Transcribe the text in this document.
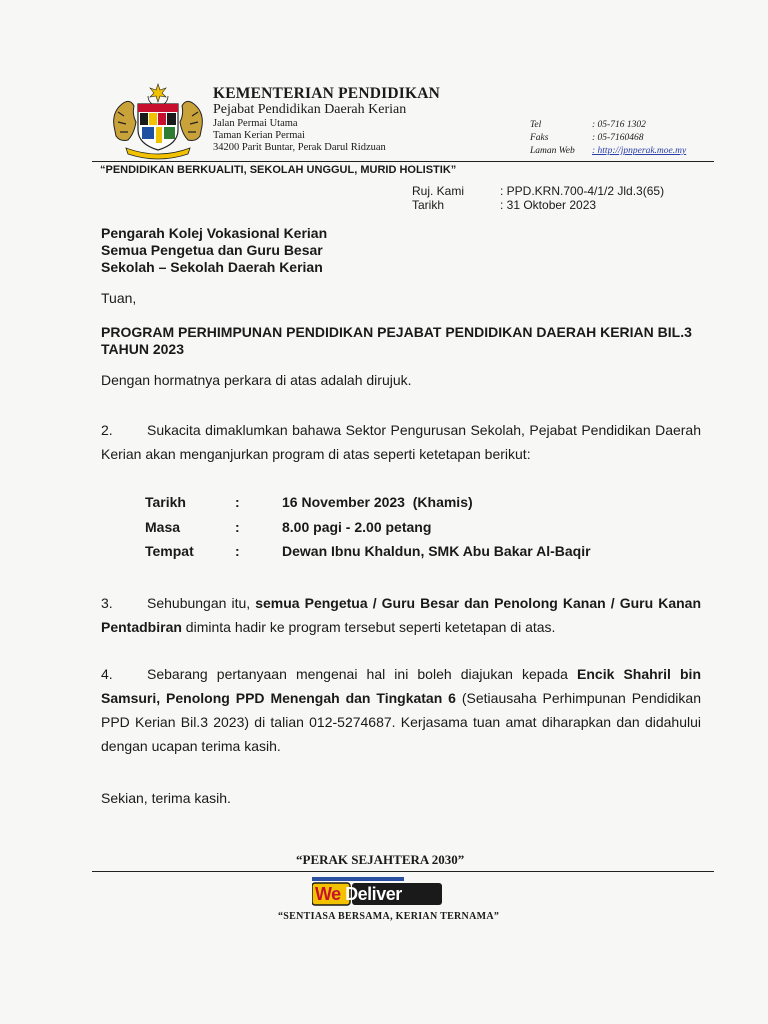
KEMENTERIAN PENDIDIKAN
Pejabat Pendidikan Daerah Kerian
Jalan Permai Utama
Taman Kerian Permai
34200 Parit Buntar, Perak Darul Ridzuan
Tel	: 05-716 1302
Faks	: 05-7160468
Laman Web : http://jpnperak.moe.my
“PENDIDIKAN BERKUALITI, SEKOLAH UNGGUL, MURID HOLISTIK”
Ruj. Kami	: PPD.KRN.700-4/1/2 Jld.3(65)
Tarikh	: 31 Oktober 2023
Pengarah Kolej Vokasional Kerian
Semua Pengetua dan Guru Besar
Sekolah – Sekolah Daerah Kerian
Tuan,
PROGRAM PERHIMPUNAN PENDIDIKAN PEJABAT PENDIDIKAN DAERAH KERIAN BIL.3 TAHUN 2023
Dengan hormatnya perkara di atas adalah dirujuk.
2. Sukacita dimaklumkan bahawa Sektor Pengurusan Sekolah, Pejabat Pendidikan Daerah Kerian akan menganjurkan program di atas seperti ketetapan berikut:
Tarikh	:	16 November 2023  (Khamis)
Masa	:	8.00 pagi - 2.00 petang
Tempat	:	Dewan Ibnu Khaldun, SMK Abu Bakar Al-Baqir
3. Sehubungan itu, semua Pengetua / Guru Besar dan Penolong Kanan / Guru Kanan Pentadbiran diminta hadir ke program tersebut seperti ketetapan di atas.
4. Sebarang pertanyaan mengenai hal ini boleh diajukan kepada Encik Shahril bin Samsuri, Penolong PPD Menengah dan Tingkatan 6 (Setiausaha Perhimpunan Pendidikan PPD Kerian Bil.3 2023) di talian 012-5274687. Kerjasama tuan amat diharapkan dan didahului dengan ucapan terima kasih.
Sekian, terima kasih.
“PERAK SEJAHTERA 2030”
We Deliver
“SENTIASA BERSAMA, KERIAN TERNAMA”
